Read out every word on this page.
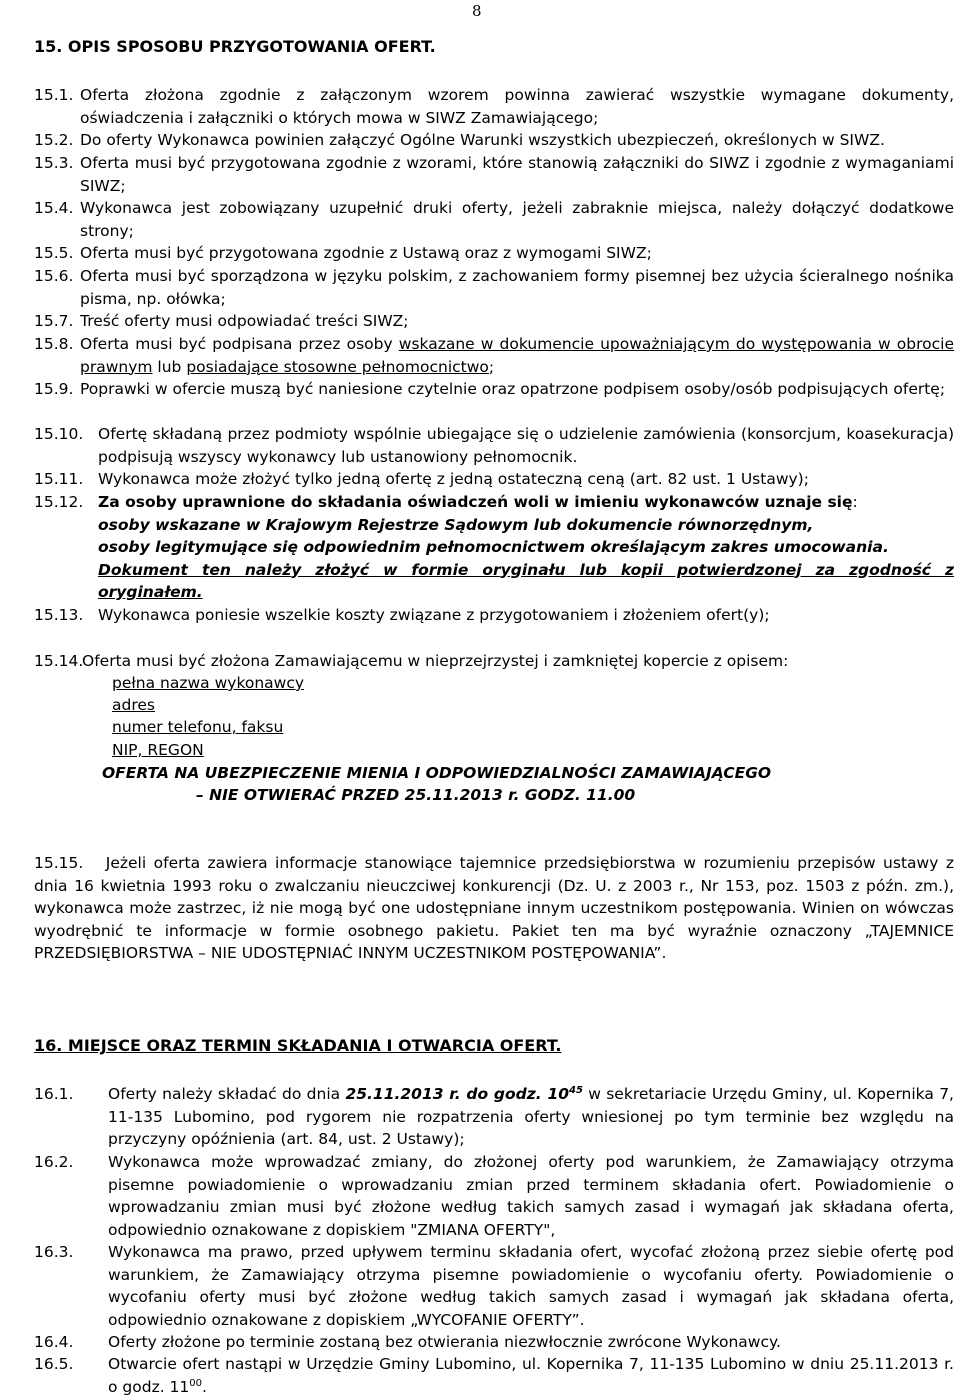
8
15. OPIS SPOSOBU PRZYGOTOWANIA OFERT.
15.1. Oferta złożona zgodnie z załączonym wzorem powinna zawierać wszystkie wymagane dokumenty, oświadczenia i załączniki o których mowa w SIWZ Zamawiającego;
15.2. Do oferty Wykonawca powinien załączyć Ogólne Warunki wszystkich ubezpieczeń, określonych w SIWZ.
15.3. Oferta musi być przygotowana zgodnie z wzorami, które stanowią załączniki do SIWZ i zgodnie z wymaganiami SIWZ;
15.4. Wykonawca jest zobowiązany uzupełnić druki oferty, jeżeli zabraknie miejsca, należy dołączyć dodatkowe strony;
15.5. Oferta musi być przygotowana zgodnie z Ustawą oraz z wymogami SIWZ;
15.6. Oferta musi być sporządzona w języku polskim, z zachowaniem formy pisemnej bez użycia ścieralnego nośnika pisma, np. ołówka;
15.7. Treść oferty musi odpowiadać treści SIWZ;
15.8. Oferta musi być podpisana przez osoby wskazane w dokumencie upoważniającym do występowania w obrocie prawnym lub posiadające stosowne pełnomocnictwo;
15.9. Poprawki w ofercie muszą być naniesione czytelnie oraz opatrzone podpisem osoby/osób podpisujących ofertę;
15.10. Ofertę składaną przez podmioty wspólnie ubiegające się o udzielenie zamówienia (konsorcjum, koasekuracja) podpisują wszyscy wykonawcy lub ustanowiony pełnomocnik.
15.11. Wykonawca może złożyć tylko jedną ofertę z jedną ostateczną ceną (art. 82 ust. 1 Ustawy);
15.12. Za osoby uprawnione do składania oświadczeń woli w imieniu wykonawców uznaje się:
osoby wskazane w Krajowym Rejestrze Sądowym lub dokumencie równorzędnym,
osoby legitymujące się odpowiednim pełnomocnictwem określającym zakres umocowania.
Dokument ten należy złożyć w formie oryginału lub kopii potwierdzonej za zgodność z oryginałem.
15.13. Wykonawca poniesie wszelkie koszty związane z przygotowaniem i złożeniem ofert(y);
15.14.
Oferta musi być złożona Zamawiającemu w nieprzejrzystej i zamkniętej kopercie z opisem:
pełna nazwa wykonawcy
adres
numer telefonu, faksu
NIP, REGON
OFERTA NA UBEZPIECZENIE MIENIA I ODPOWIEDZIALNOŚCI ZAMAWIAJĄCEGO
– NIE OTWIERAĆ PRZED 25.11.2013 r. GODZ. 11.00
15.15. Jeżeli oferta zawiera informacje stanowiące tajemnice przedsiębiorstwa w rozumieniu przepisów ustawy z dnia 16 kwietnia 1993 roku o zwalczaniu nieuczciwej konkurencji (Dz. U. z 2003 r., Nr 153, poz. 1503 z późn. zm.), wykonawca może zastrzec, iż nie mogą być one udostępniane innym uczestnikom postępowania. Winien on wówczas wyodrębnić te informacje w formie osobnego pakietu. Pakiet ten ma być wyraźnie oznaczony „TAJEMNICE PRZEDSIĘBIORSTWA – NIE UDOSTĘPNIAĆ INNYM UCZESTNIKOM POSTĘPOWANIA”.
16. MIEJSCE ORAZ TERMIN SKŁADANIA I OTWARCIA OFERT.
16.1. Oferty należy składać do dnia 25.11.2013 r. do godz. $10^{45}$ w sekretariacie Urzędu Gminy, ul. Kopernika 7, 11-135 Lubomino, pod rygorem nie rozpatrzenia oferty wniesionej po tym terminie bez względu na przyczyny opóźnienia (art. 84, ust. 2 Ustawy);
16.2. Wykonawca może wprowadzać zmiany, do złożonej oferty pod warunkiem, że Zamawiający otrzyma pisemne powiadomienie o wprowadzaniu zmian przed terminem składania ofert. Powiadomienie o wprowadzaniu zmian musi być złożone według takich samych zasad i wymagań jak składana oferta, odpowiednio oznakowane z dopiskiem "ZMIANA OFERTY",
16.3. Wykonawca ma prawo, przed upływem terminu składania ofert, wycofać złożoną przez siebie ofertę pod warunkiem, że Zamawiający otrzyma pisemne powiadomienie o wycofaniu oferty. Powiadomienie o wycofaniu oferty musi być złożone według takich samych zasad i wymagań jak składana oferta, odpowiednio oznakowane z dopiskiem „WYCOFANIE OFERTY”.
16.4. Oferty złożone po terminie zostaną bez otwierania niezwłocznie zwrócone Wykonawcy.
16.5. Otwarcie ofert nastąpi w Urzędzie Gminy Lubomino, ul. Kopernika 7, 11-135 Lubomino w dniu 25.11.2013 r. o godz. $11^{00}$.
